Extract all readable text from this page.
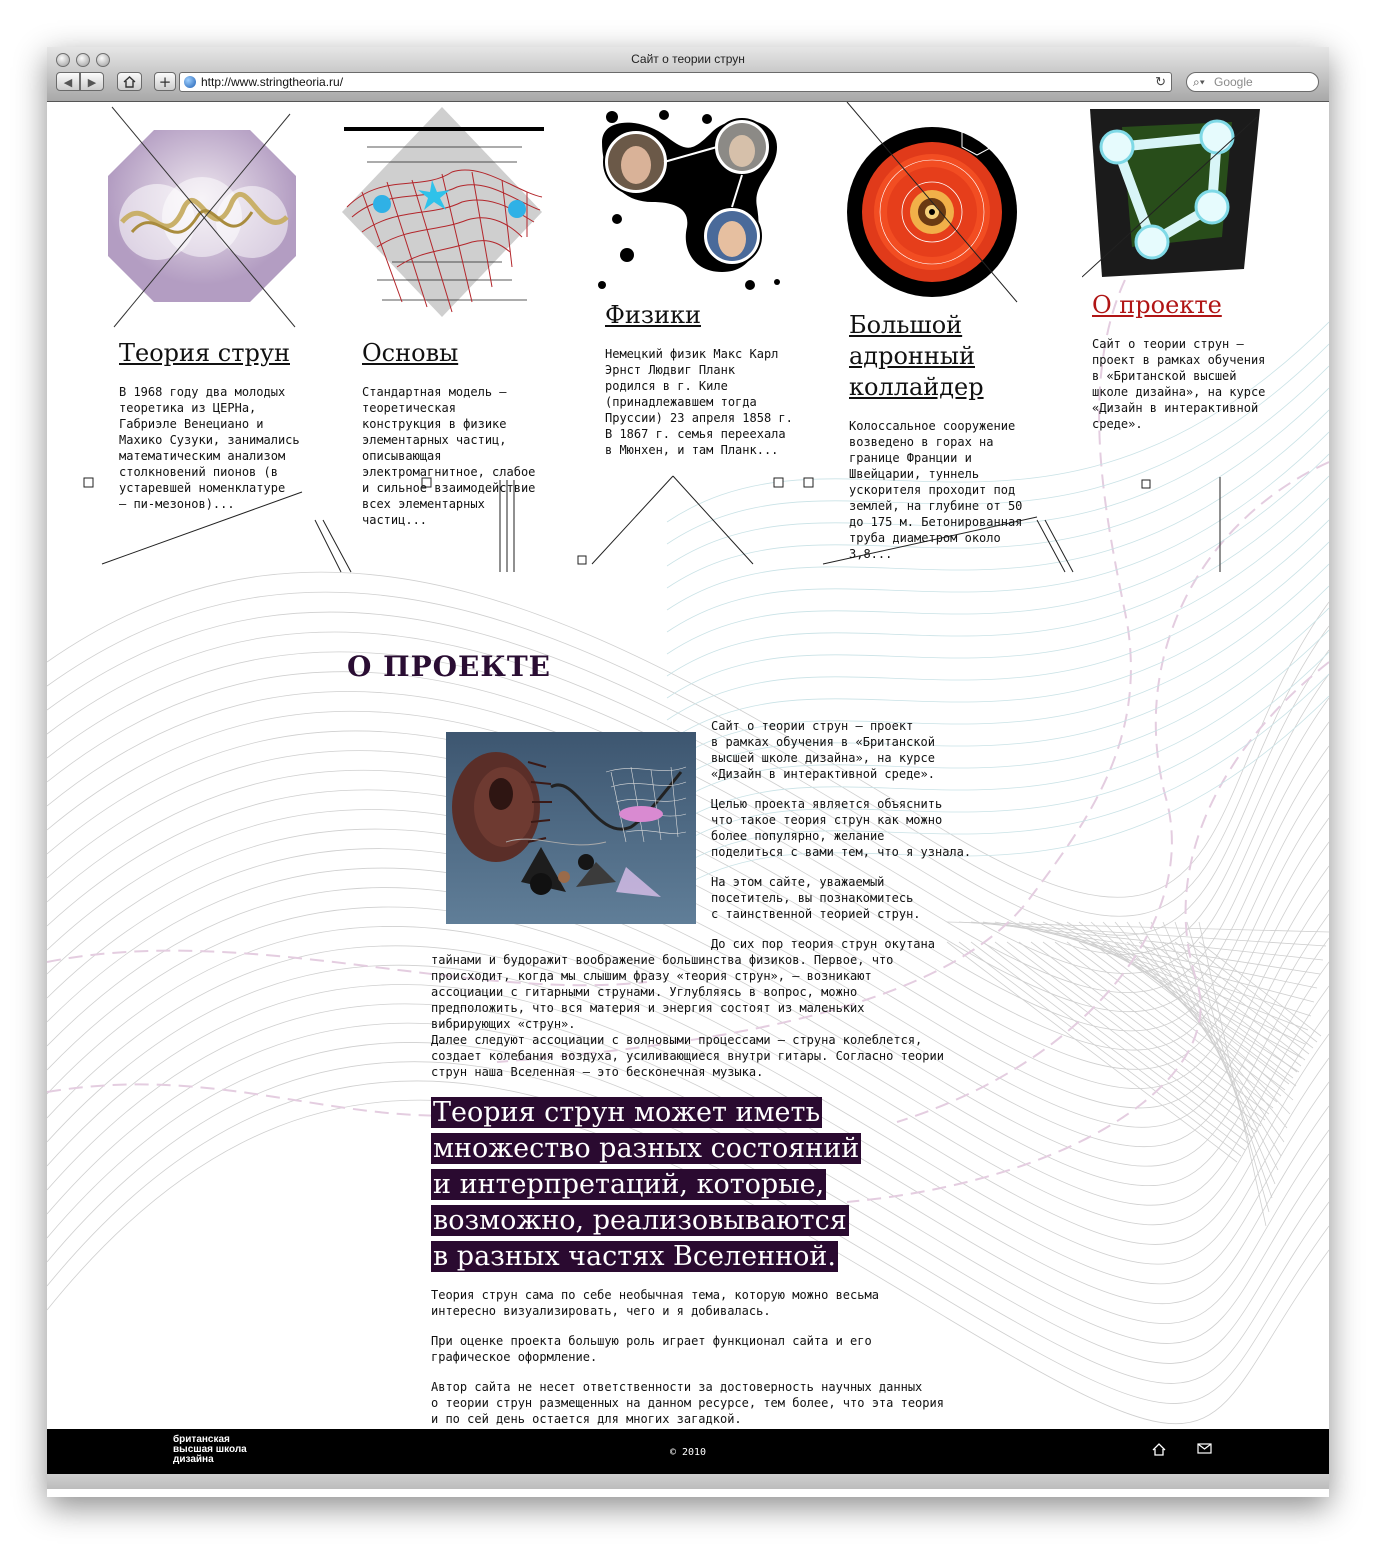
Сайт о теории струн
◀	▶	+	http://www.stringtheoria.ru/	↻ ⌕▾ Google
Теория струн
В 1968 году два молодых
теоретика из ЦЕРНа,
Габриэле Венециано и
Махико Сузуки, занимались
математическим анализом
столкновений пионов (в
устаревшей номенклатуре
— пи-мезонов)...
Основы
Стандартная модель —
теоретическая
конструкция в физике
элементарных частиц,
описывающая
электромагнитное, слабое
и сильное взаимодействие
всех элементарных
частиц...
Физики
Немецкий физик Макс Карл
Эрнст Людвиг Планк
родился в г. Киле
(принадлежавшем тогда
Пруссии) 23 апреля 1858 г.
В 1867 г. семья переехала
в Мюнхен, и там Планк...
Большой
адронный
коллайдер
Колоссальное сооружение
возведено в горах на
границе Франции и
Швейцарии, туннель
ускорителя проходит под
землей, на глубине от 50
до 175 м. Бетонированная
труба диаметром около
3,8...
О проекте
Сайт о теории струн —
проект в рамках обучения
в «Британской высшей
школе дизайна», на курсе
«Дизайн в интерактивной
среде».
О ПРОЕКТЕ

Сайт о теории струн — проект
в рамках обучения в «Британской
высшей школе дизайна», на курсе
«Дизайн в интерактивной среде».

Целью проекта является объяснить
что такое теория струн как можно
более популярно, желание
поделиться с вами тем, что я узнала.

На этом сайте, уважаемый
посетитель, вы познакомитесь
с таинственной теорией струн.

До сих пор теория струн окутана

тайнами и будоражит воображение большинства физиков. Первое, что
происходит, когда мы слышим фразу «теория струн», — возникают
ассоциации с гитарными струнами. Углубляясь в вопрос, можно
предположить, что вся материя и энергия состоят из маленьких
вибрирующих «струн».
Далее следуют ассоциации с волновыми процессами — струна колеблется,
создает колебания воздуха, усиливающиеся внутри гитары. Согласно теории
струн наша Вселенная — это бесконечная музыка.

Теория струн может иметь
множество разных состояний
и интерпретаций, которые,
возможно, реализовываются
в разных частях Вселенной.

Теория струн сама по себе необычная тема, которую можно весьма
интересно визуализировать, чего и я добивалась.

При оценке проекта большую роль играет функционал сайта и его
графическое оформление.

Автор сайта не несет ответственности за достоверность научных данных
о теории струн размещенных на данном ресурсе, тем более, что эта теория
и по сей день остается для многих загадкой.

британская
высшая школа
дизайна
© 2010
